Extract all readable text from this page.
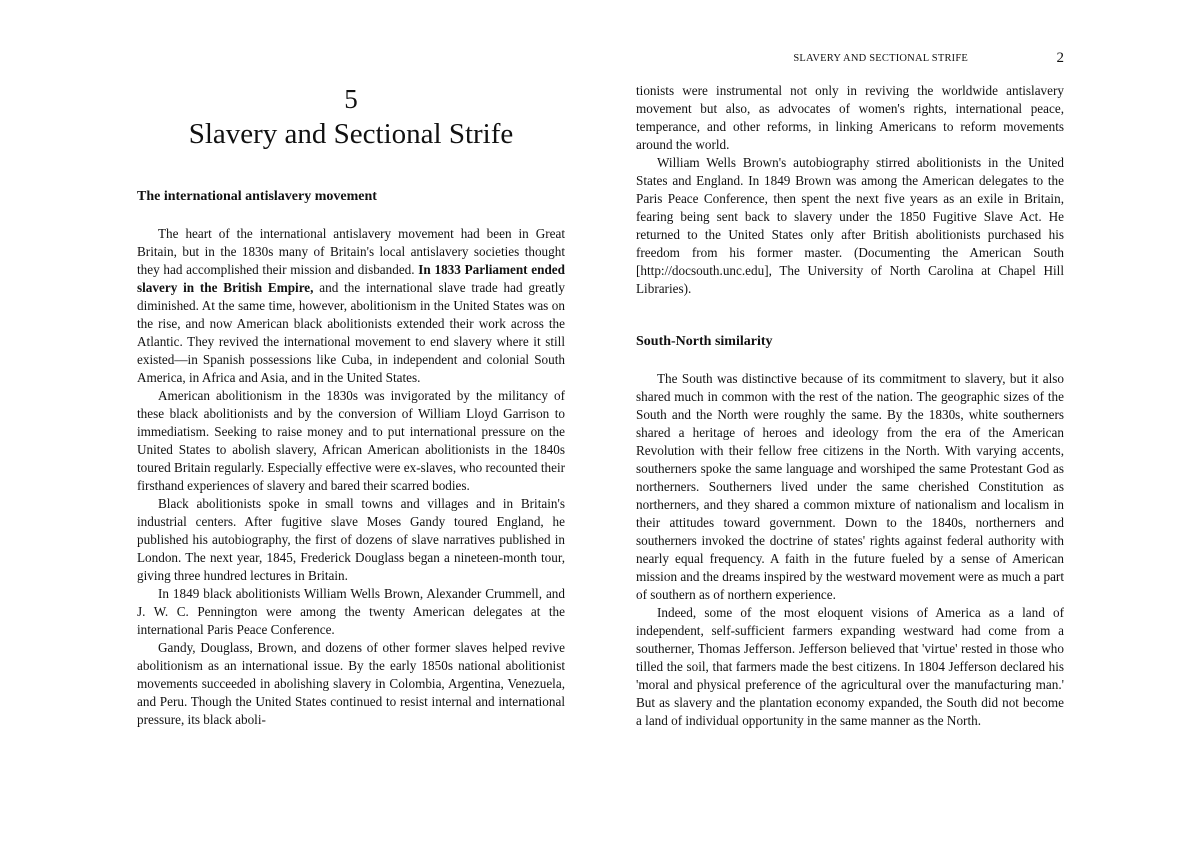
SLAVERY AND SECTIONAL STRIFE	2
5
Slavery and Sectional Strife
The international antislavery movement

The heart of the international antislavery movement had been in Great Britain, but in the 1830s many of Britain's local antislavery societies thought they had accomplished their mission and disbanded. In 1833 Parliament ended slavery in the British Empire, and the international slave trade had greatly diminished. At the same time, however, abolitionism in the United States was on the rise, and now American black abolitionists extended their work across the Atlantic. They revived the international movement to end slavery where it still existed—in Spanish possessions like Cuba, in independent and colonial South America, in Africa and Asia, and in the United States.

American abolitionism in the 1830s was invigorated by the militancy of these black abolitionists and by the conversion of William Lloyd Garrison to immediatism. Seeking to raise money and to put international pressure on the United States to abolish slavery, African American abolitionists in the 1840s toured Britain regularly. Especially effective were ex-slaves, who recounted their firsthand experiences of slavery and bared their scarred bodies.

Black abolitionists spoke in small towns and villages and in Britain's industrial centers. After fugitive slave Moses Gandy toured England, he published his autobiography, the first of dozens of slave narratives published in London. The next year, 1845, Frederick Douglass began a nineteen-month tour, giving three hundred lectures in Britain.

In 1849 black abolitionists William Wells Brown, Alexander Crummell, and J. W. C. Pennington were among the twenty American delegates at the international Paris Peace Conference.

Gandy, Douglass, Brown, and dozens of other former slaves helped revive abolitionism as an international issue. By the early 1850s national abolitionist movements succeeded in abolishing slavery in Colombia, Argentina, Venezuela, and Peru. Though the United States continued to resist internal and international pressure, its black aboli-

tionists were instrumental not only in reviving the worldwide antislavery movement but also, as advocates of women's rights, international peace, temperance, and other reforms, in linking Americans to reform movements around the world.

William Wells Brown's autobiography stirred abolitionists in the United States and England. In 1849 Brown was among the American delegates to the Paris Peace Conference, then spent the next five years as an exile in Britain, fearing being sent back to slavery under the 1850 Fugitive Slave Act. He returned to the United States only after British abolitionists purchased his freedom from his former master. (Documenting the American South [http://docsouth.unc.edu], The University of North Carolina at Chapel Hill Libraries).

South-North similarity

The South was distinctive because of its commitment to slavery, but it also shared much in common with the rest of the nation. The geographic sizes of the South and the North were roughly the same. By the 1830s, white southerners shared a heritage of heroes and ideology from the era of the American Revolution with their fellow free citizens in the North. With varying accents, southerners spoke the same language and worshiped the same Protestant God as northerners. Southerners lived under the same cherished Constitution as northerners, and they shared a common mixture of nationalism and localism in their attitudes toward government. Down to the 1840s, northerners and southerners invoked the doctrine of states' rights against federal authority with nearly equal frequency. A faith in the future fueled by a sense of American mission and the dreams inspired by the westward movement were as much a part of southern as of northern experience.

Indeed, some of the most eloquent visions of America as a land of independent, self-sufficient farmers expanding westward had come from a southerner, Thomas Jefferson. Jefferson believed that 'virtue' rested in those who tilled the soil, that farmers made the best citizens. In 1804 Jefferson declared his 'moral and physical preference of the agricultural over the manufacturing man.' But as slavery and the plantation economy expanded, the South did not become a land of individual opportunity in the same manner as the North.
